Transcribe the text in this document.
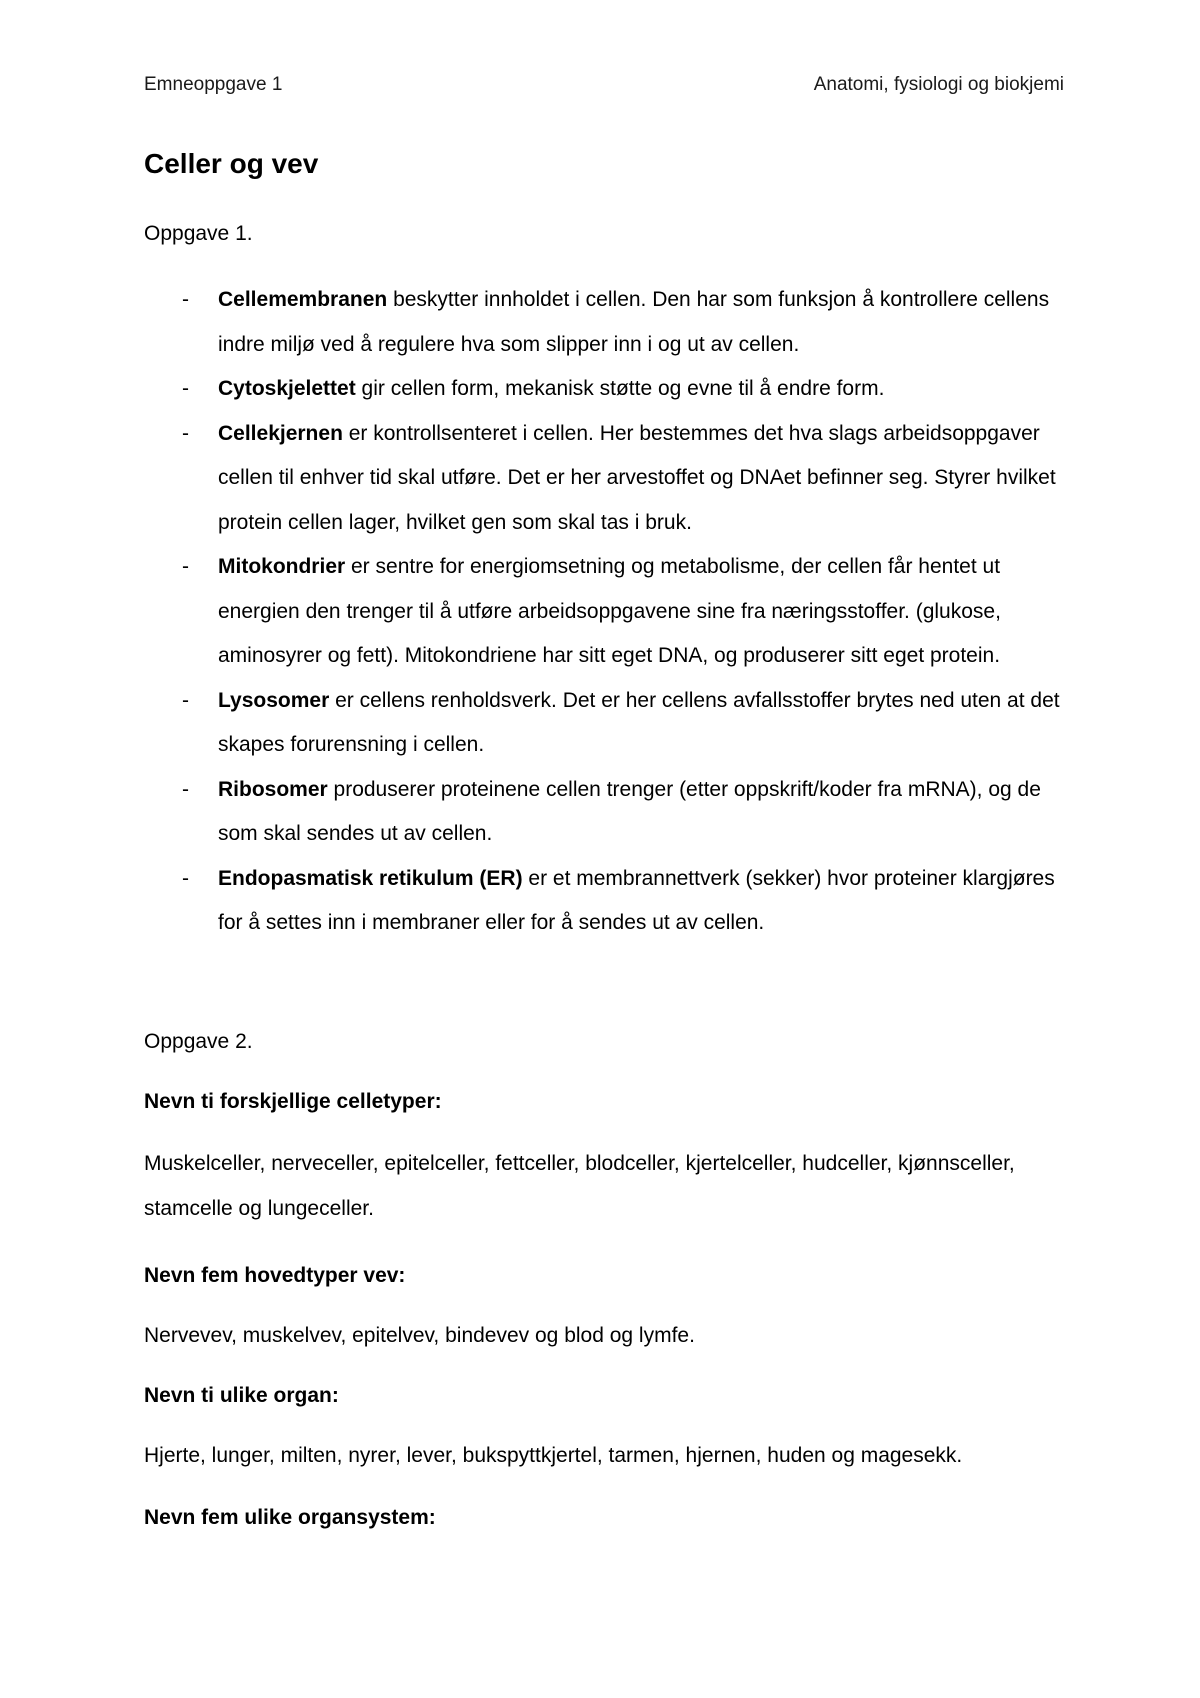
Emneoppgave 1	Anatomi, fysiologi og biokjemi
Celler og vev
Oppgave 1.
- Cellemembranen beskytter innholdet i cellen. Den har som funksjon å kontrollere cellens indre miljø ved å regulere hva som slipper inn i og ut av cellen.
- Cytoskjelettet gir cellen form, mekanisk støtte og evne til å endre form.
- Cellekjernen er kontrollsenteret i cellen. Her bestemmes det hva slags arbeidsoppgaver cellen til enhver tid skal utføre. Det er her arvestoffet og DNAet befinner seg. Styrer hvilket protein cellen lager, hvilket gen som skal tas i bruk.
- Mitokondrier er sentre for energiomsetning og metabolisme, der cellen får hentet ut energien den trenger til å utføre arbeidsoppgavene sine fra næringsstoffer. (glukose, aminosyrer og fett). Mitokondriene har sitt eget DNA, og produserer sitt eget protein.
- Lysosomer er cellens renholdsverk. Det er her cellens avfallsstoffer brytes ned uten at det skapes forurensning i cellen.
- Ribosomer produserer proteinene cellen trenger (etter oppskrift/koder fra mRNA), og de som skal sendes ut av cellen.
- Endopasmatisk retikulum (ER) er et membrannettverk (sekker) hvor proteiner klargjøres for å settes inn i membraner eller for å sendes ut av cellen.
Oppgave 2.
Nevn ti forskjellige celletyper:
Muskelceller, nerveceller, epitelceller, fettceller, blodceller, kjertelceller, hudceller, kjønnsceller, stamcelle og lungeceller.
Nevn fem hovedtyper vev:
Nervevev, muskelvev, epitelvev, bindevev og blod og lymfe.
Nevn ti ulike organ:
Hjerte, lunger, milten, nyrer, lever, bukspyttkjertel, tarmen, hjernen, huden og magesekk.
Nevn fem ulike organsystem:
